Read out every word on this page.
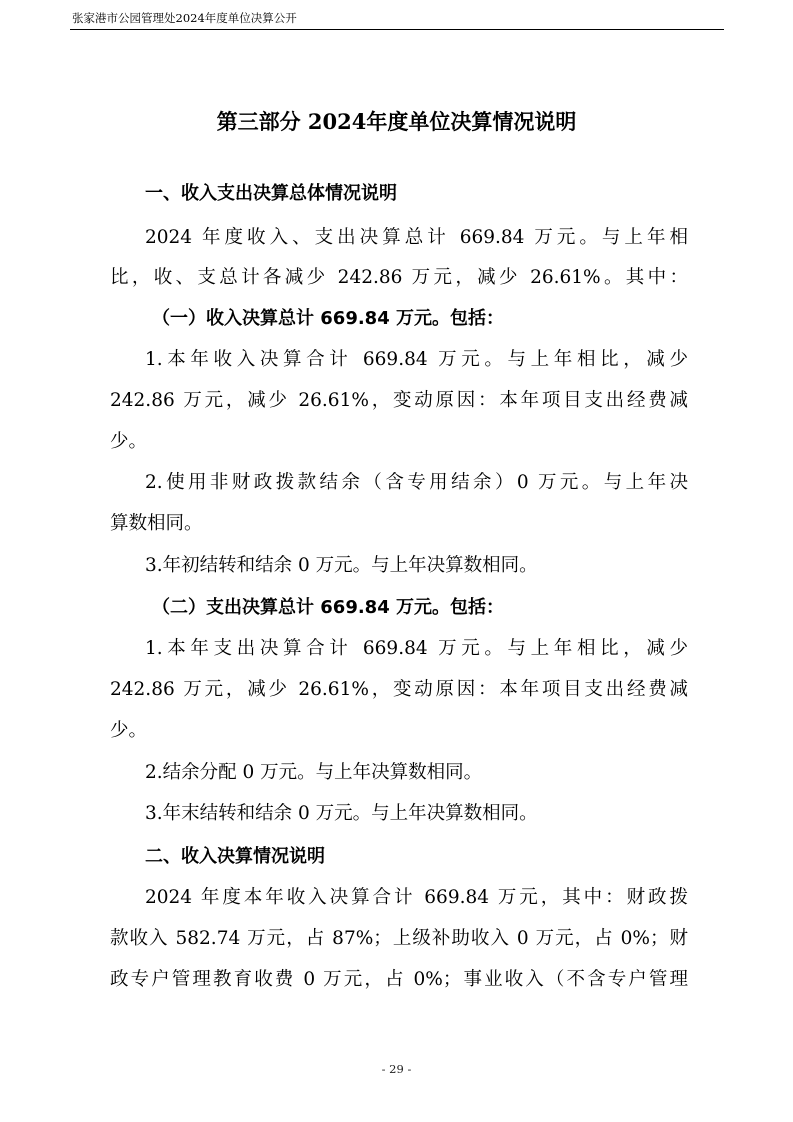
张家港市公园管理处2024年度单位决算公开
第三部分 2024年度单位决算情况说明
一、收入支出决算总体情况说明
2024 年度收入、支出决算总计 669.84 万元。与上年相
比，收、支总计各减少 242.86 万元，减少 26.61%。其中：
（一）收入决算总计 669.84 万元。包括：
1.本年收入决算合计 669.84 万元。与上年相比，减少
242.86 万元，减少 26.61%，变动原因：本年项目支出经费减
少。
2.使用非财政拨款结余（含专用结余）0 万元。与上年决
算数相同。
3.年初结转和结余 0 万元。与上年决算数相同。
（二）支出决算总计 669.84 万元。包括：
1.本年支出决算合计 669.84 万元。与上年相比，减少
242.86 万元，减少 26.61%，变动原因：本年项目支出经费减
少。
2.结余分配 0 万元。与上年决算数相同。
3.年末结转和结余 0 万元。与上年决算数相同。
二、收入决算情况说明
2024 年度本年收入决算合计 669.84 万元，其中：财政拨
款收入 582.74 万元，占 87%；上级补助收入 0 万元，占 0%；财
政专户管理教育收费 0 万元，占 0%；事业收入（不含专户管理
- 29 -
